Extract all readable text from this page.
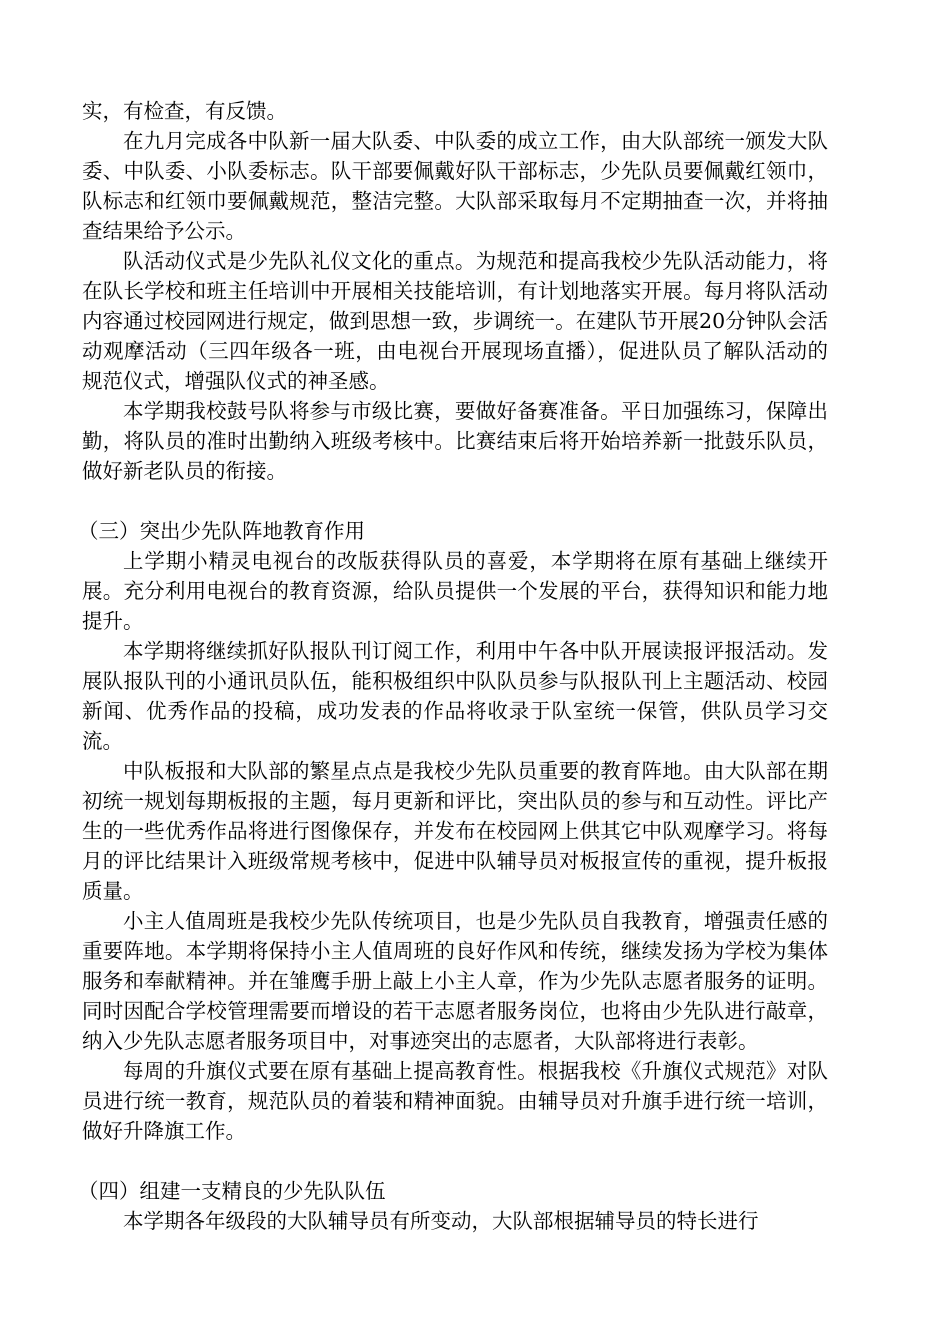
实，有检查，有反馈。

在九月完成各中队新一届大队委、中队委的成立工作，由大队部统一颁发大队委、中队委、小队委标志。队干部要佩戴好队干部标志，少先队员要佩戴红领巾，队标志和红领巾要佩戴规范，整洁完整。大队部采取每月不定期抽查一次，并将抽查结果给予公示。

队活动仪式是少先队礼仪文化的重点。为规范和提高我校少先队活动能力，将在队长学校和班主任培训中开展相关技能培训，有计划地落实开展。每月将队活动内容通过校园网进行规定，做到思想一致，步调统一。在建队节开展20分钟队会活动观摩活动（三四年级各一班，由电视台开展现场直播），促进队员了解队活动的规范仪式，增强队仪式的神圣感。

本学期我校鼓号队将参与市级比赛，要做好备赛准备。平日加强练习，保障出勤，将队员的准时出勤纳入班级考核中。比赛结束后将开始培养新一批鼓乐队员，做好新老队员的衔接。

（三）突出少先队阵地教育作用

上学期小精灵电视台的改版获得队员的喜爱，本学期将在原有基础上继续开展。充分利用电视台的教育资源，给队员提供一个发展的平台，获得知识和能力地提升。

本学期将继续抓好队报队刊订阅工作，利用中午各中队开展读报评报活动。发展队报队刊的小通讯员队伍，能积极组织中队队员参与队报队刊上主题活动、校园新闻、优秀作品的投稿，成功发表的作品将收录于队室统一保管，供队员学习交流。

中队板报和大队部的繁星点点是我校少先队员重要的教育阵地。由大队部在期初统一规划每期板报的主题，每月更新和评比，突出队员的参与和互动性。评比产生的一些优秀作品将进行图像保存，并发布在校园网上供其它中队观摩学习。将每月的评比结果计入班级常规考核中，促进中队辅导员对板报宣传的重视，提升板报质量。

小主人值周班是我校少先队传统项目，也是少先队员自我教育，增强责任感的重要阵地。本学期将保持小主人值周班的良好作风和传统，继续发扬为学校为集体服务和奉献精神。并在雏鹰手册上敲上小主人章，作为少先队志愿者服务的证明。同时因配合学校管理需要而增设的若干志愿者服务岗位，也将由少先队进行敲章，纳入少先队志愿者服务项目中，对事迹突出的志愿者，大队部将进行表彰。

每周的升旗仪式要在原有基础上提高教育性。根据我校《升旗仪式规范》对队员进行统一教育，规范队员的着装和精神面貌。由辅导员对升旗手进行统一培训，做好升降旗工作。

（四）组建一支精良的少先队队伍

本学期各年级段的大队辅导员有所变动，大队部根据辅导员的特长进行
